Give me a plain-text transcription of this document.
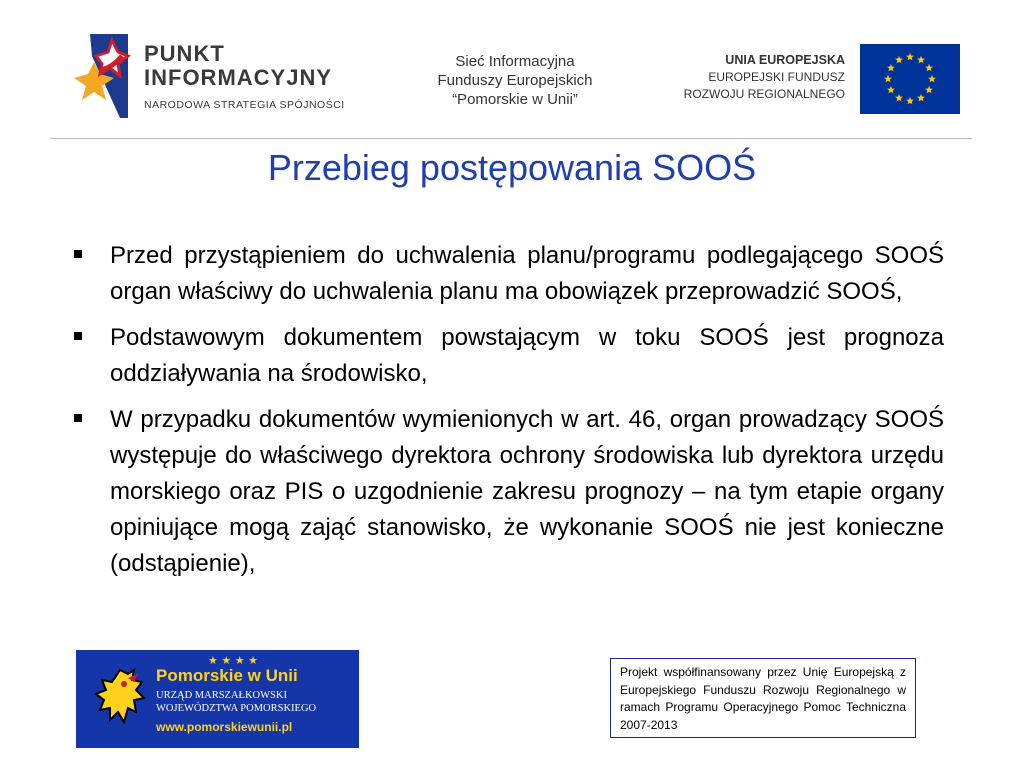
PUNKT
INFORMACYJNY
NARODOWA STRATEGIA SPÓJNOŚCI
Sieć Informacyjna
Funduszy Europejskich
“Pomorskie w Unii”
UNIA EUROPEJSKA
EUROPEJSKI FUNDUSZ
ROZWOJU REGIONALNEGO
Przebieg postępowania SOOŚ
Przed przystąpieniem do uchwalenia planu/programu podlegającego SOOŚ organ właściwy do uchwalenia planu ma obowiązek przeprowadzić SOOŚ,
Podstawowym dokumentem powstającym w toku SOOŚ jest prognoza oddziaływania na środowisko,
W przypadku dokumentów wymienionych w art. 46, organ prowadzący SOOŚ występuje do właściwego dyrektora ochrony środowiska lub dyrektora urzędu morskiego oraz PIS o uzgodnienie zakresu prognozy – na tym etapie organy opiniujące mogą zająć stanowisko, że wykonanie SOOŚ nie jest konieczne (odstąpienie),
★ ★ ★ ★
Pomorskie w Unii
URZĄD MARSZAŁKOWSKI
WOJEWÓDZTWA POMORSKIEGO
www.pomorskiewunii.pl
Projekt współfinansowany przez Unię Europejską z Europejskiego Funduszu Rozwoju Regionalnego w ramach Programu Operacyjnego Pomoc Techniczna 2007-2013
